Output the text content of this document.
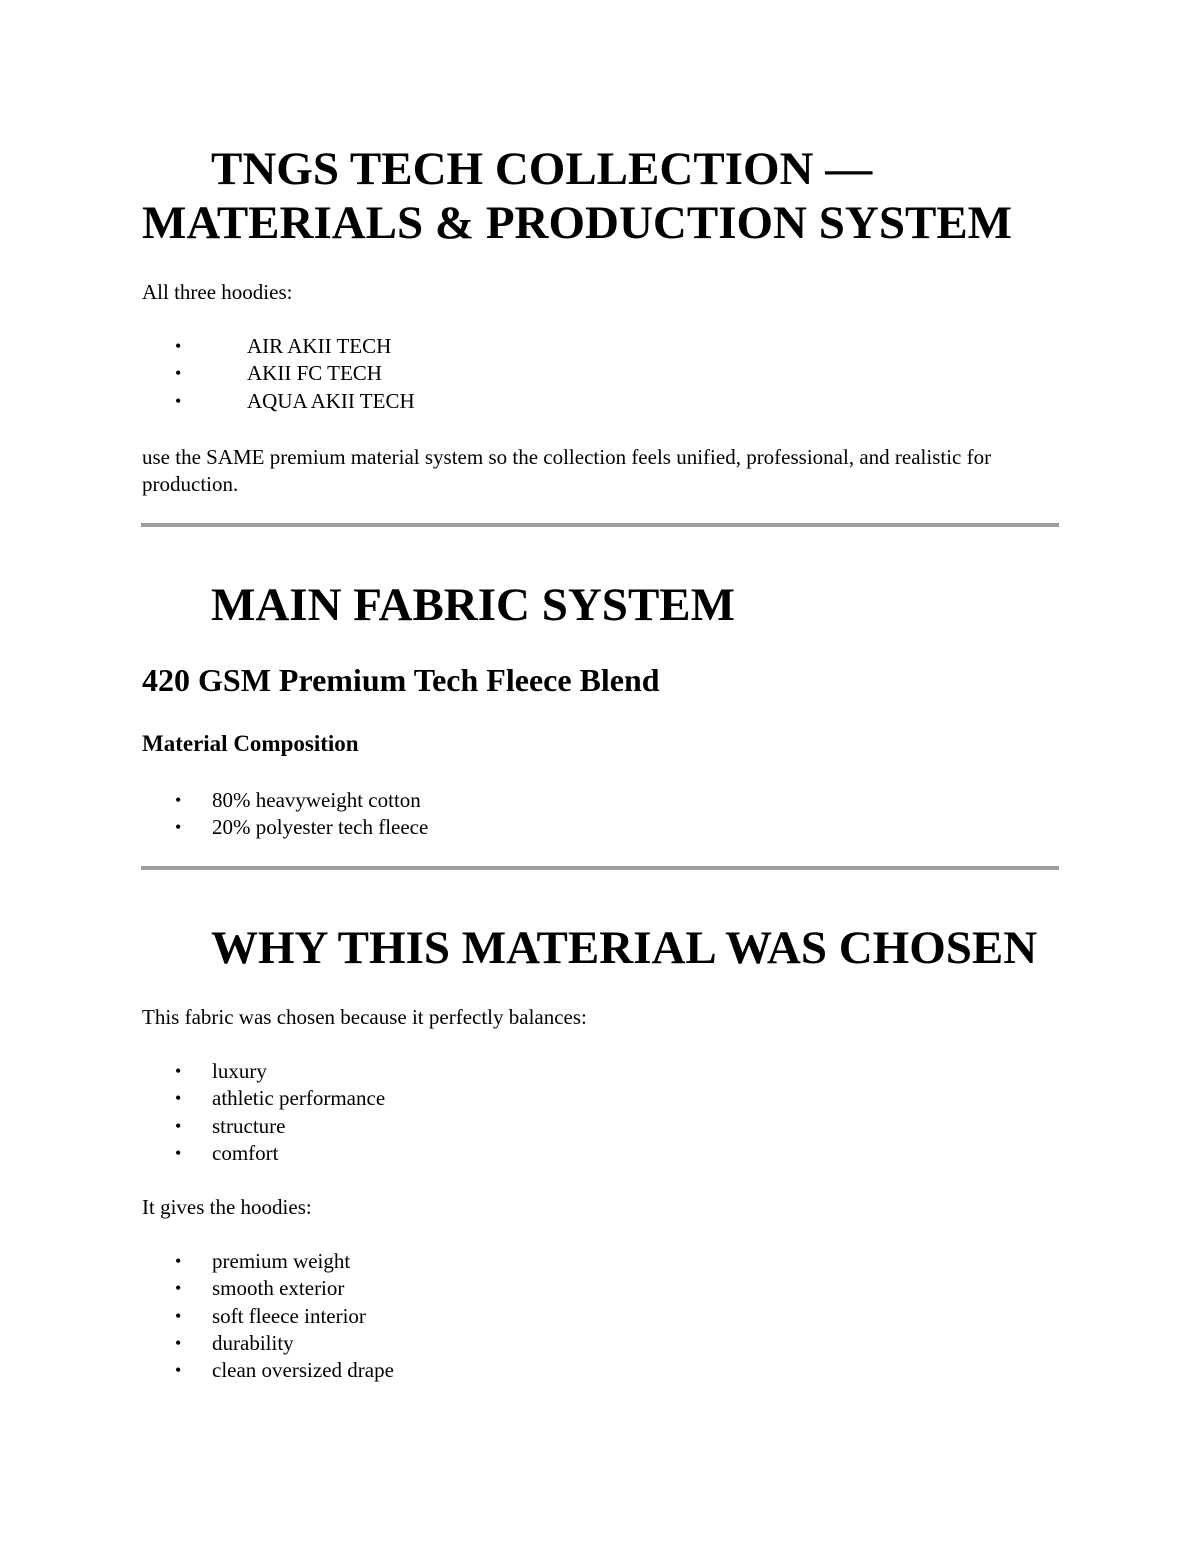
TNGS TECH COLLECTION —
MATERIALS & PRODUCTION SYSTEM

All three hoodies:

•	AIR AKII TECH
•	AKII FC TECH
•	AQUA AKII TECH

use the SAME premium material system so the collection feels unified, professional, and realistic for production.

MAIN FABRIC SYSTEM
420 GSM Premium Tech Fleece Blend
Material Composition
• 80% heavyweight cotton
• 20% polyester tech fleece
WHY THIS MATERIAL WAS CHOSEN

This fabric was chosen because it perfectly balances:

• luxury
• athletic performance
• structure
• comfort

It gives the hoodies:

• premium weight
• smooth exterior
• soft fleece interior
• durability
• clean oversized drape
